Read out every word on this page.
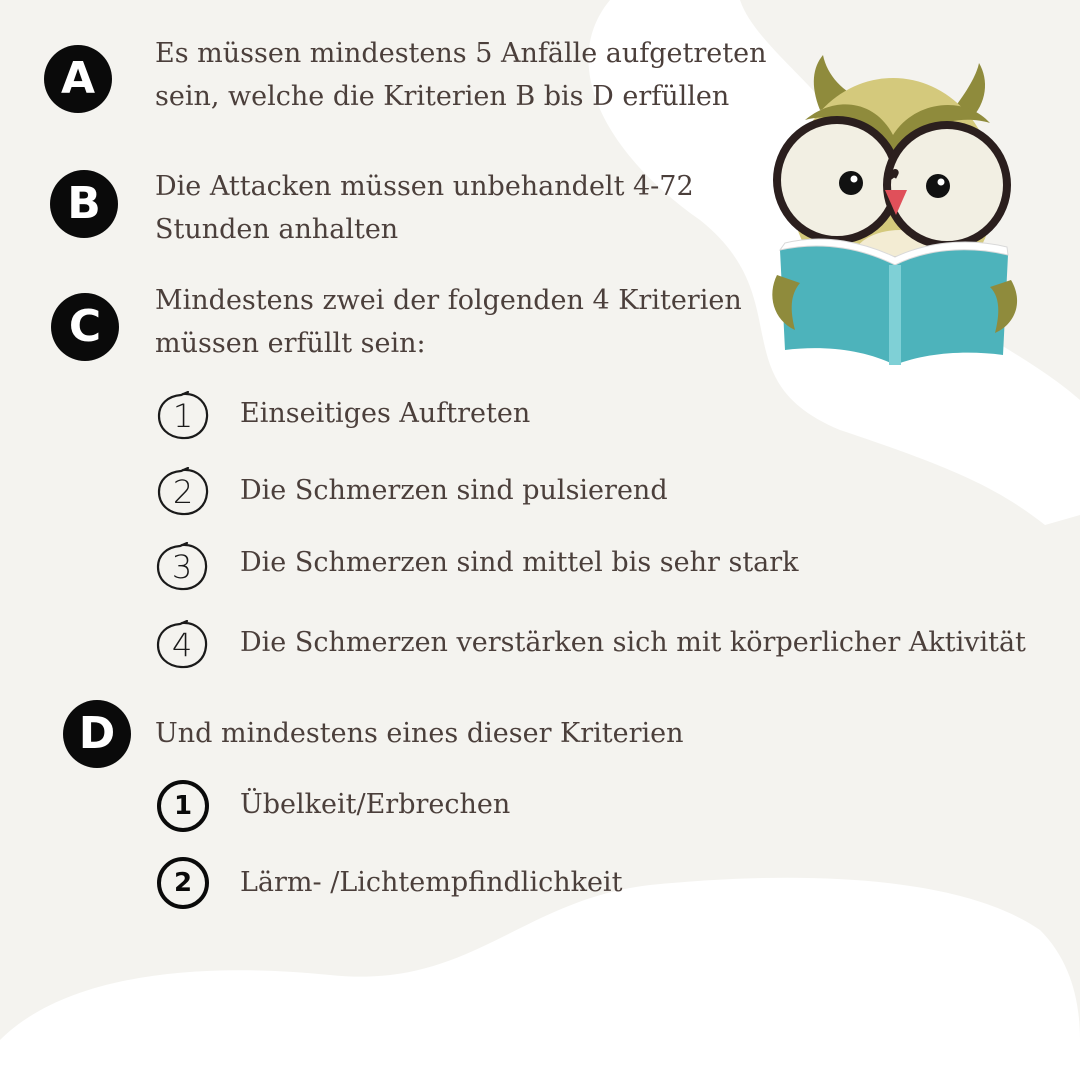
A	Es müssen mindestens 5 Anfälle aufgetreten
sein, welche die Kriterien B bis D erfüllen
B	Die Attacken müssen unbehandelt 4-72
Stunden anhalten
C
Mindestens zwei der folgenden 4 Kriterien
müssen erfüllt sein:
1	Einseitiges Auftreten
2	Die Schmerzen sind pulsierend
3	Die Schmerzen sind mittel bis sehr stark
4	Die Schmerzen verstärken sich mit körperlicher Aktivität
D	Und mindestens eines dieser Kriterien
1	Übelkeit/Erbrechen
2	Lärm- /Lichtempfindlichkeit
